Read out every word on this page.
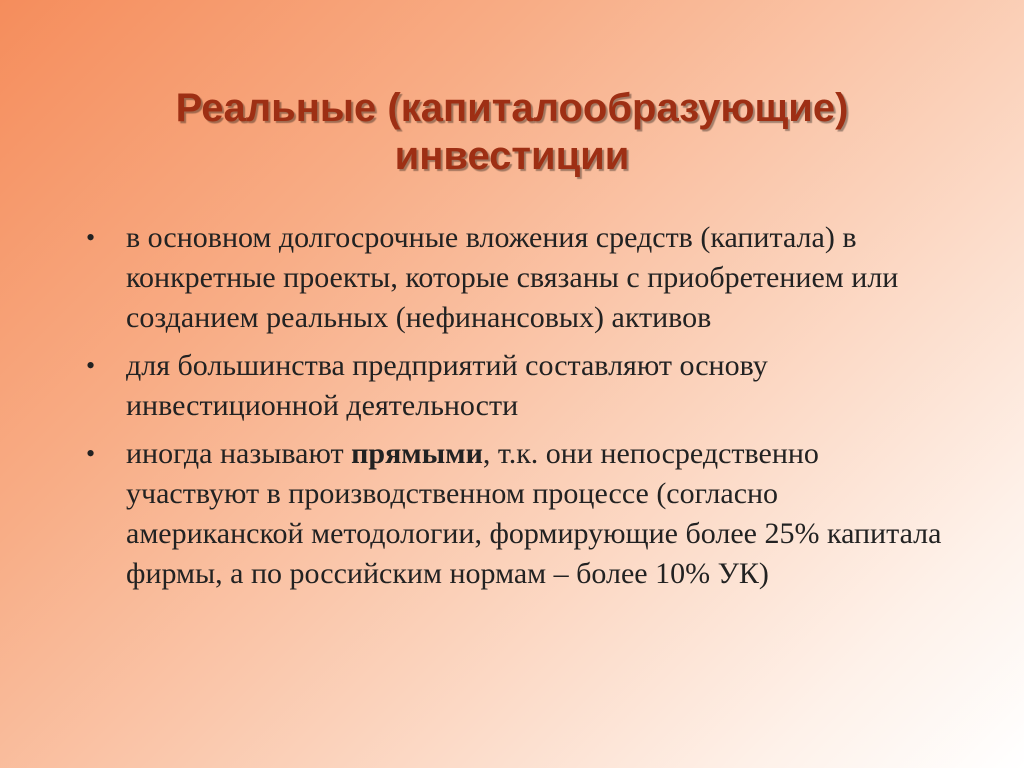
Реальные (капиталообразующие)
инвестиции
• в основном долгосрочные вложения средств (капитала) в конкретные проекты, которые связаны с приобретением или созданием реальных (нефинансовых) активов
• для большинства предприятий составляют основу инвестиционной деятельности
• иногда называют прямыми, т.к. они непосредственно участвуют в производственном процессе (согласно американской методологии, формирующие более 25% капитала фирмы, а по российским нормам – более 10% УК)
